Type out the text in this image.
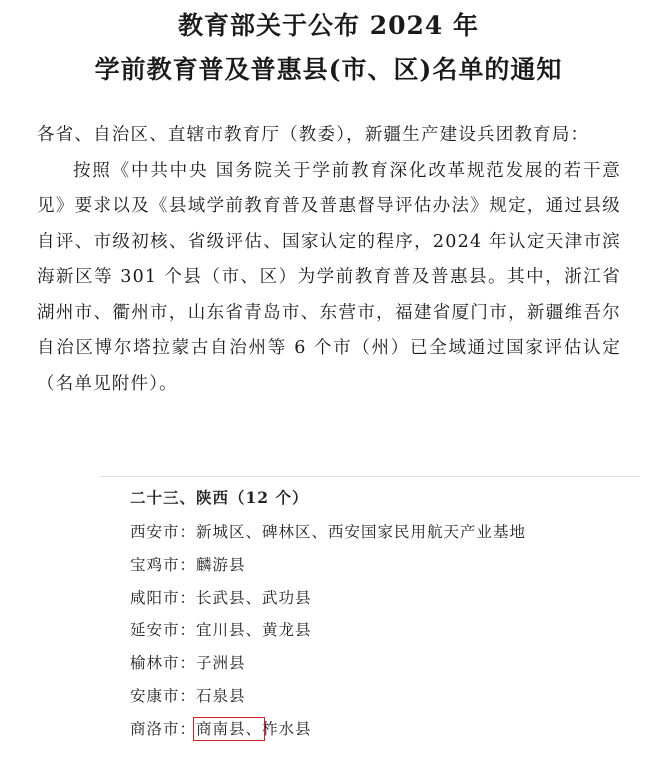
教育部关于公布 2024 年
学前教育普及普惠县(市、区)名单的通知

各省、自治区、直辖市教育厅（教委），新疆生产建设兵团教育局：

按照《中共中央 国务院关于学前教育深化改革规范发展的若干意见》要求以及《县域学前教育普及普惠督导评估办法》规定，通过县级自评、市级初核、省级评估、国家认定的程序，2024 年认定天津市滨海新区等 301 个县（市、区）为学前教育普及普惠县。其中，浙江省湖州市、衢州市，山东省青岛市、东营市，福建省厦门市，新疆维吾尔自治区博尔塔拉蒙古自治州等 6 个市（州）已全域通过国家评估认定（名单见附件）。

二十三、陕西（12 个）
西安市：新城区、碑林区、西安国家民用航天产业基地
宝鸡市：麟游县
咸阳市：长武县、武功县
延安市：宜川县、黄龙县
榆林市：子洲县
安康市：石泉县
商洛市：商南县、柞水县
